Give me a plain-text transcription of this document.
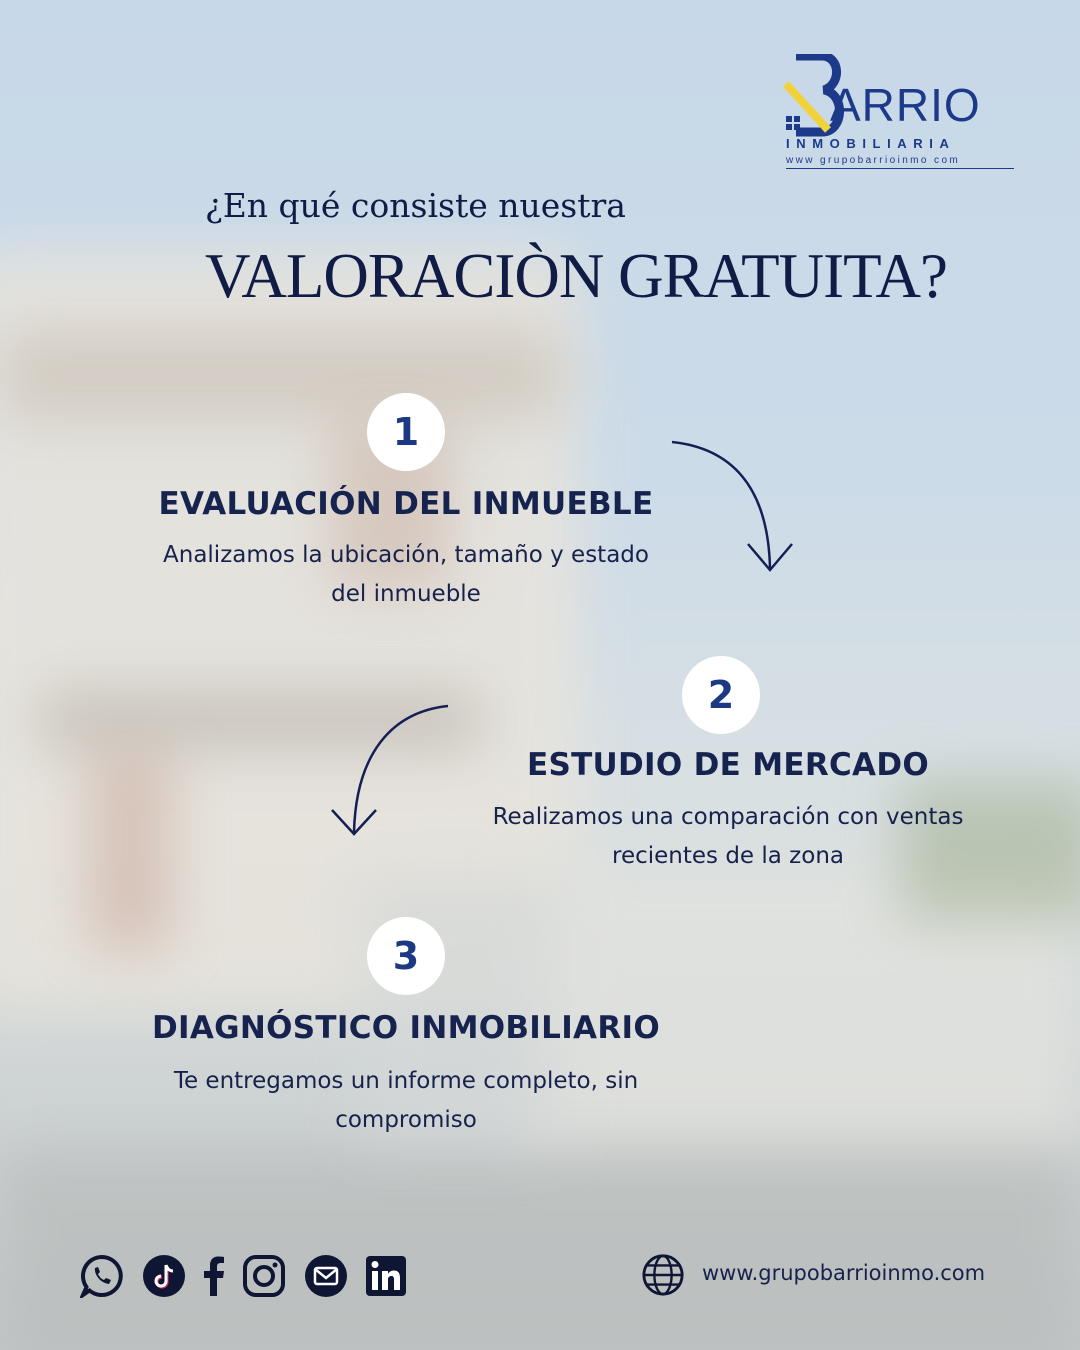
ARRIO
INMOBILIARIA
www grupobarrioinmo com
¿En qué consiste nuestra
VALORACIÒN GRATUITA?
1
EVALUACIÓN DEL INMUEBLE
Analizamos la ubicación, tamaño y estado
del inmueble
2
ESTUDIO DE MERCADO
Realizamos una comparación con ventas
recientes de la zona
3
DIAGNÓSTICO INMOBILIARIO
Te entregamos un informe completo, sin
compromiso
www.grupobarrioinmo.com
